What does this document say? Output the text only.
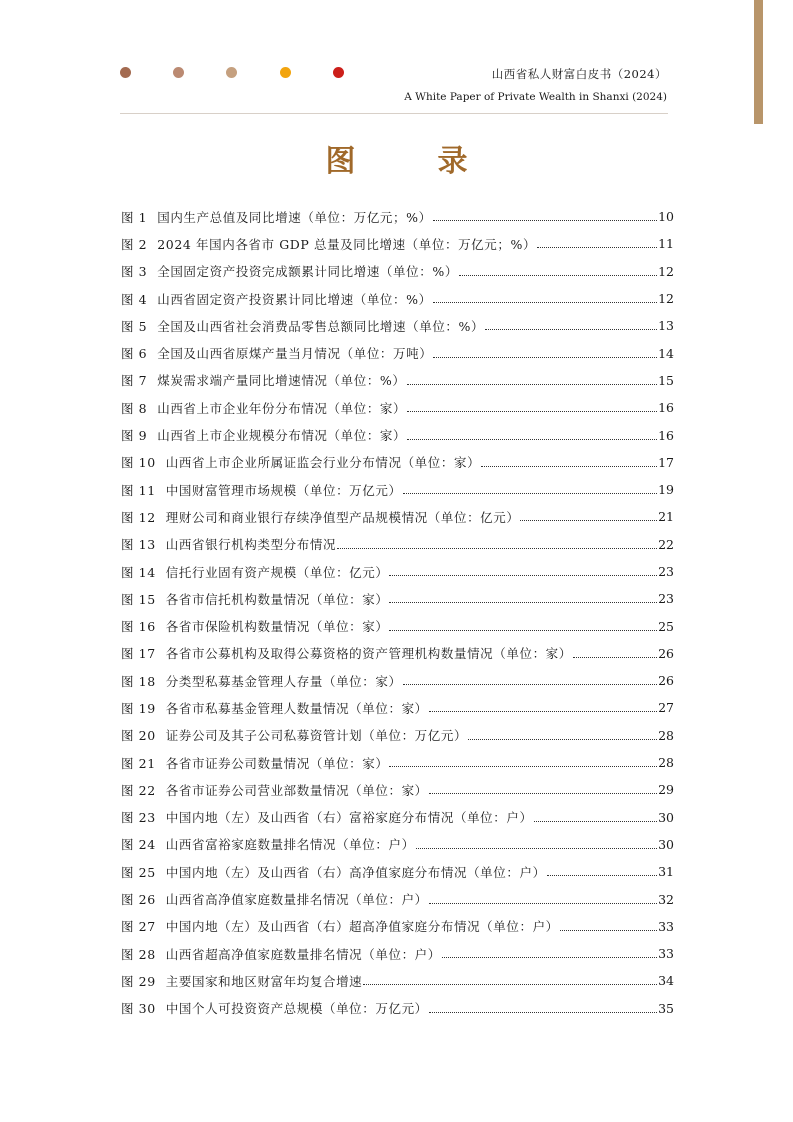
山西省私人财富白皮书（2024）
A White Paper of Private Wealth in Shanxi (2024)
图　录
图 1 国内生产总值及同比增速（单位：万亿元；%）	10
图 2 2024 年国内各省市 GDP 总量及同比增速（单位：万亿元；%）	11
图 3 全国固定资产投资完成额累计同比增速（单位：%）	12
图 4 山西省固定资产投资累计同比增速（单位：%）	12
图 5 全国及山西省社会消费品零售总额同比增速（单位：%）	13
图 6 全国及山西省原煤产量当月情况（单位：万吨）	14
图 7 煤炭需求端产量同比增速情况（单位：%）	15
图 8 山西省上市企业年份分布情况（单位：家）	16
图 9 山西省上市企业规模分布情况（单位：家）	16
图 10 山西省上市企业所属证监会行业分布情况（单位：家）	17
图 11 中国财富管理市场规模（单位：万亿元）	19
图 12 理财公司和商业银行存续净值型产品规模情况（单位：亿元）	21
图 13 山西省银行机构类型分布情况	22
图 14 信托行业固有资产规模（单位：亿元）	23
图 15 各省市信托机构数量情况（单位：家）	23
图 16 各省市保险机构数量情况（单位：家）	25
图 17 各省市公募机构及取得公募资格的资产管理机构数量情况（单位：家）	26
图 18 分类型私募基金管理人存量（单位：家）	26
图 19 各省市私募基金管理人数量情况（单位：家）	27
图 20 证券公司及其子公司私募资管计划（单位：万亿元）	28
图 21 各省市证券公司数量情况（单位：家）	28
图 22 各省市证券公司营业部数量情况（单位：家）	29
图 23 中国内地（左）及山西省（右）富裕家庭分布情况（单位：户）	30
图 24 山西省富裕家庭数量排名情况（单位：户）	30
图 25 中国内地（左）及山西省（右）高净值家庭分布情况（单位：户）	31
图 26 山西省高净值家庭数量排名情况（单位：户）	32
图 27 中国内地（左）及山西省（右）超高净值家庭分布情况（单位：户）	33
图 28 山西省超高净值家庭数量排名情况（单位：户）	33
图 29 主要国家和地区财富年均复合增速	34
图 30 中国个人可投资资产总规模（单位：万亿元）	35
